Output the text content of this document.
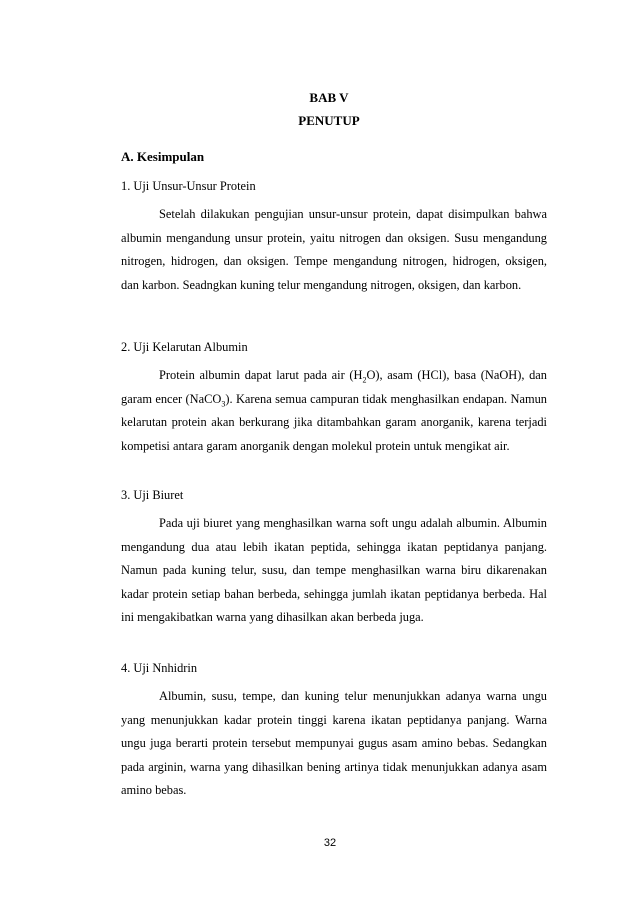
BAB V
PENUTUP
A. Kesimpulan

1. Uji Unsur-Unsur Protein

Setelah dilakukan pengujian unsur-unsur protein, dapat disimpulkan bahwa albumin mengandung unsur protein, yaitu nitrogen dan oksigen. Susu mengandung nitrogen, hidrogen, dan oksigen. Tempe mengandung nitrogen, hidrogen, oksigen, dan karbon. Seadngkan kuning telur mengandung nitrogen, oksigen, dan karbon.

2. Uji Kelarutan Albumin

Protein albumin dapat larut pada air $(H_2O)$, asam (HCl), basa (NaOH), dan garam encer (NaCO$_3$). Karena semua campuran tidak menghasilkan endapan. Namun kelarutan protein akan berkurang jika ditambahkan garam anorganik, karena terjadi kompetisi antara garam anorganik dengan molekul protein untuk mengikat air.

3. Uji Biuret

Pada uji biuret yang menghasilkan warna soft ungu adalah albumin. Albumin mengandung dua atau lebih ikatan peptida, sehingga ikatan peptidanya panjang. Namun pada kuning telur, susu, dan tempe menghasilkan warna biru dikarenakan kadar protein setiap bahan berbeda, sehingga jumlah ikatan peptidanya berbeda. Hal ini mengakibatkan warna yang dihasilkan akan berbeda juga.

4. Uji Nnhidrin

Albumin, susu, tempe, dan kuning telur menunjukkan adanya warna ungu yang menunjukkan kadar protein tinggi karena ikatan peptidanya panjang. Warna ungu juga berarti protein tersebut mempunyai gugus asam amino bebas. Sedangkan pada arginin, warna yang dihasilkan bening artinya tidak menunjukkan adanya asam amino bebas.

32
